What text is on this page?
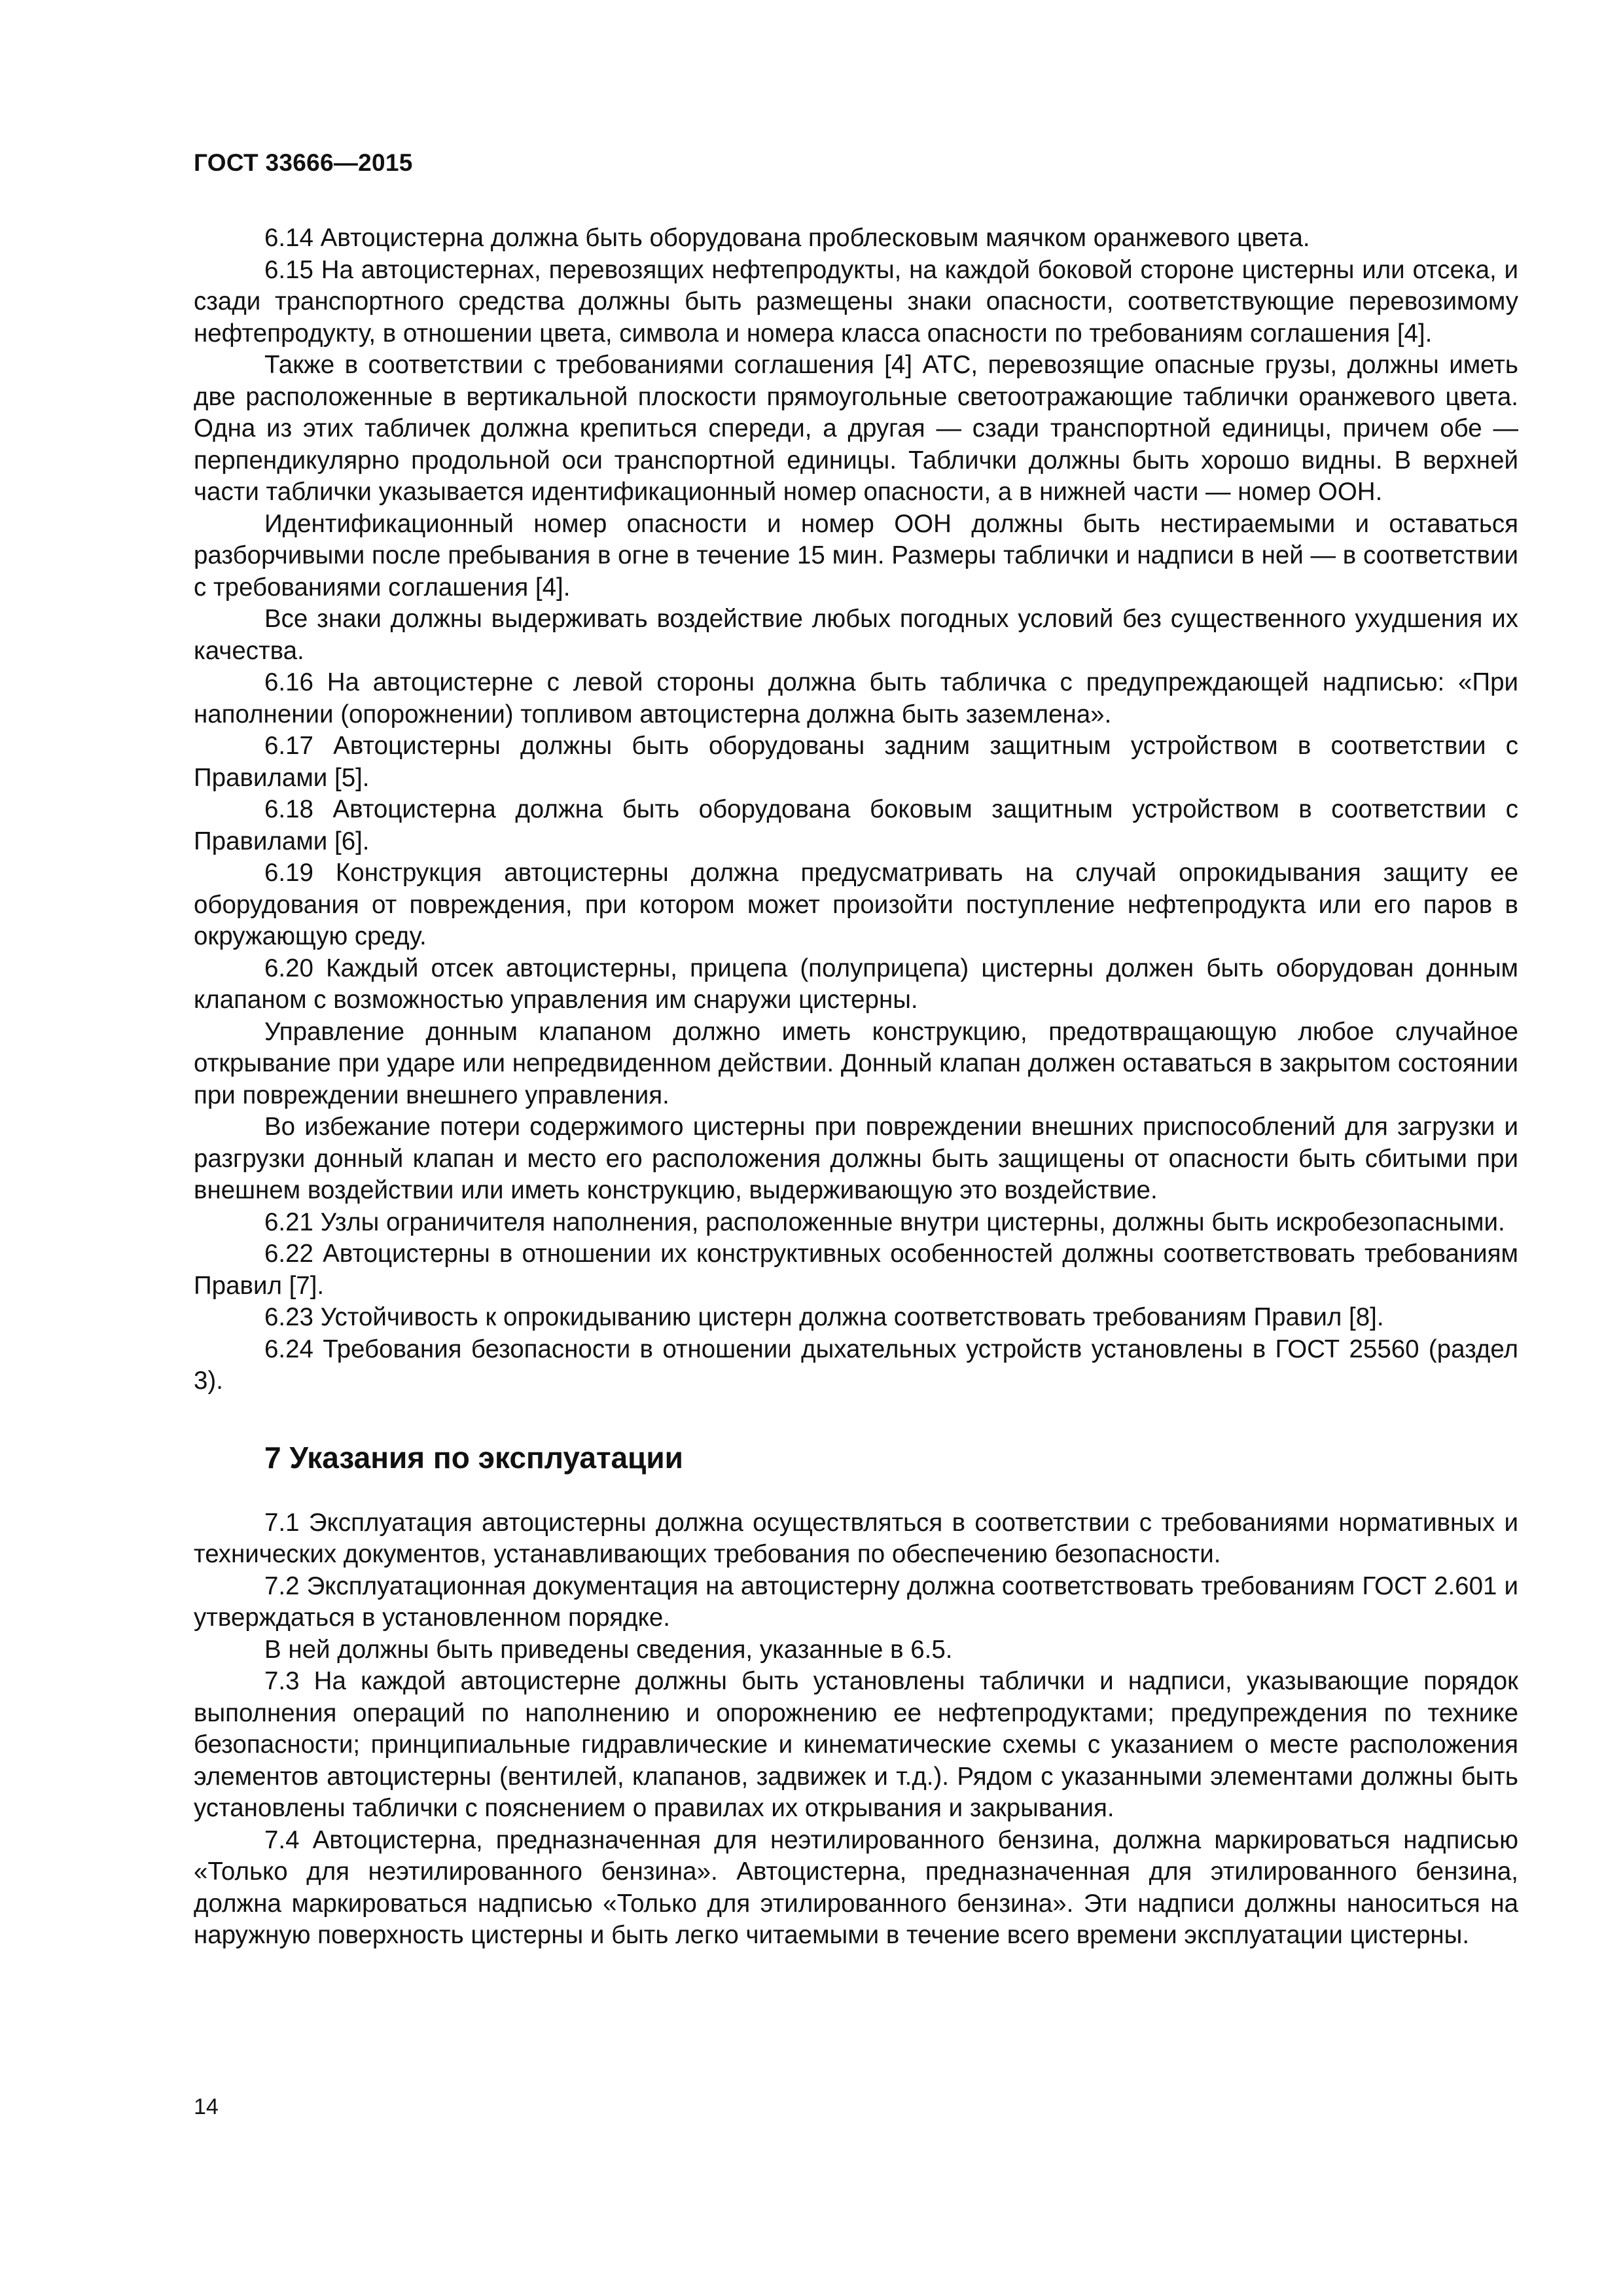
ГОСТ 33666—2015

6.14 Автоцистерна должна быть оборудована проблесковым маячком оранжевого цвета.

6.15 На автоцистернах, перевозящих нефтепродукты, на каждой боковой стороне цистерны или отсека, и сзади транспортного средства должны быть размещены знаки опасности, соответствующие перевозимому нефтепродукту, в отношении цвета, символа и номера класса опасности по требованиям соглашения [4].

Также в соответствии с требованиями соглашения [4] АТС, перевозящие опасные грузы, должны иметь две расположенные в вертикальной плоскости прямоугольные светоотражающие таблички оранжевого цвета. Одна из этих табличек должна крепиться спереди, а другая — сзади транспортной единицы, причем обе — перпендикулярно продольной оси транспортной единицы. Таблички должны быть хорошо видны. В верхней части таблички указывается идентификационный номер опасности, а в нижней части — номер ООН.

Идентификационный номер опасности и номер ООН должны быть нестираемыми и оставаться разборчивыми после пребывания в огне в течение 15 мин. Размеры таблички и надписи в ней — в соответствии с требованиями соглашения [4].

Все знаки должны выдерживать воздействие любых погодных условий без существенного ухудшения их качества.

6.16 На автоцистерне с левой стороны должна быть табличка с предупреждающей надписью: «При наполнении (опорожнении) топливом автоцистерна должна быть заземлена».

6.17 Автоцистерны должны быть оборудованы задним защитным устройством в соответствии с Правилами [5].

6.18 Автоцистерна должна быть оборудована боковым защитным устройством в соответствии с Правилами [6].

6.19 Конструкция автоцистерны должна предусматривать на случай опрокидывания защиту ее оборудования от повреждения, при котором может произойти поступление нефтепродукта или его паров в окружающую среду.

6.20 Каждый отсек автоцистерны, прицепа (полуприцепа) цистерны должен быть оборудован донным клапаном с возможностью управления им снаружи цистерны.

Управление донным клапаном должно иметь конструкцию, предотвращающую любое случайное открывание при ударе или непредвиденном действии. Донный клапан должен оставаться в закрытом состоянии при повреждении внешнего управления.

Во избежание потери содержимого цистерны при повреждении внешних приспособлений для загрузки и разгрузки донный клапан и место его расположения должны быть защищены от опасности быть сбитыми при внешнем воздействии или иметь конструкцию, выдерживающую это воздействие.

6.21 Узлы ограничителя наполнения, расположенные внутри цистерны, должны быть искробезопасными.

6.22 Автоцистерны в отношении их конструктивных особенностей должны соответствовать требованиям Правил [7].

6.23 Устойчивость к опрокидыванию цистерн должна соответствовать требованиям Правил [8].

6.24 Требования безопасности в отношении дыхательных устройств установлены в ГОСТ 25560 (раздел 3).

7 Указания по эксплуатации

7.1 Эксплуатация автоцистерны должна осуществляться в соответствии с требованиями нормативных и технических документов, устанавливающих требования по обеспечению безопасности.

7.2 Эксплуатационная документация на автоцистерну должна соответствовать требованиям ГОСТ 2.601 и утверждаться в установленном порядке.

В ней должны быть приведены сведения, указанные в 6.5.

7.3 На каждой автоцистерне должны быть установлены таблички и надписи, указывающие порядок выполнения операций по наполнению и опорожнению ее нефтепродуктами; предупреждения по технике безопасности; принципиальные гидравлические и кинематические схемы с указанием о месте расположения элементов автоцистерны (вентилей, клапанов, задвижек и т.д.). Рядом с указанными элементами должны быть установлены таблички с пояснением о правилах их открывания и закрывания.

7.4 Автоцистерна, предназначенная для неэтилированного бензина, должна маркироваться надписью «Только для неэтилированного бензина». Автоцистерна, предназначенная для этилированного бензина, должна маркироваться надписью «Только для этилированного бензина». Эти надписи должны наноситься на наружную поверхность цистерны и быть легко читаемыми в течение всего времени эксплуатации цистерны.

14
